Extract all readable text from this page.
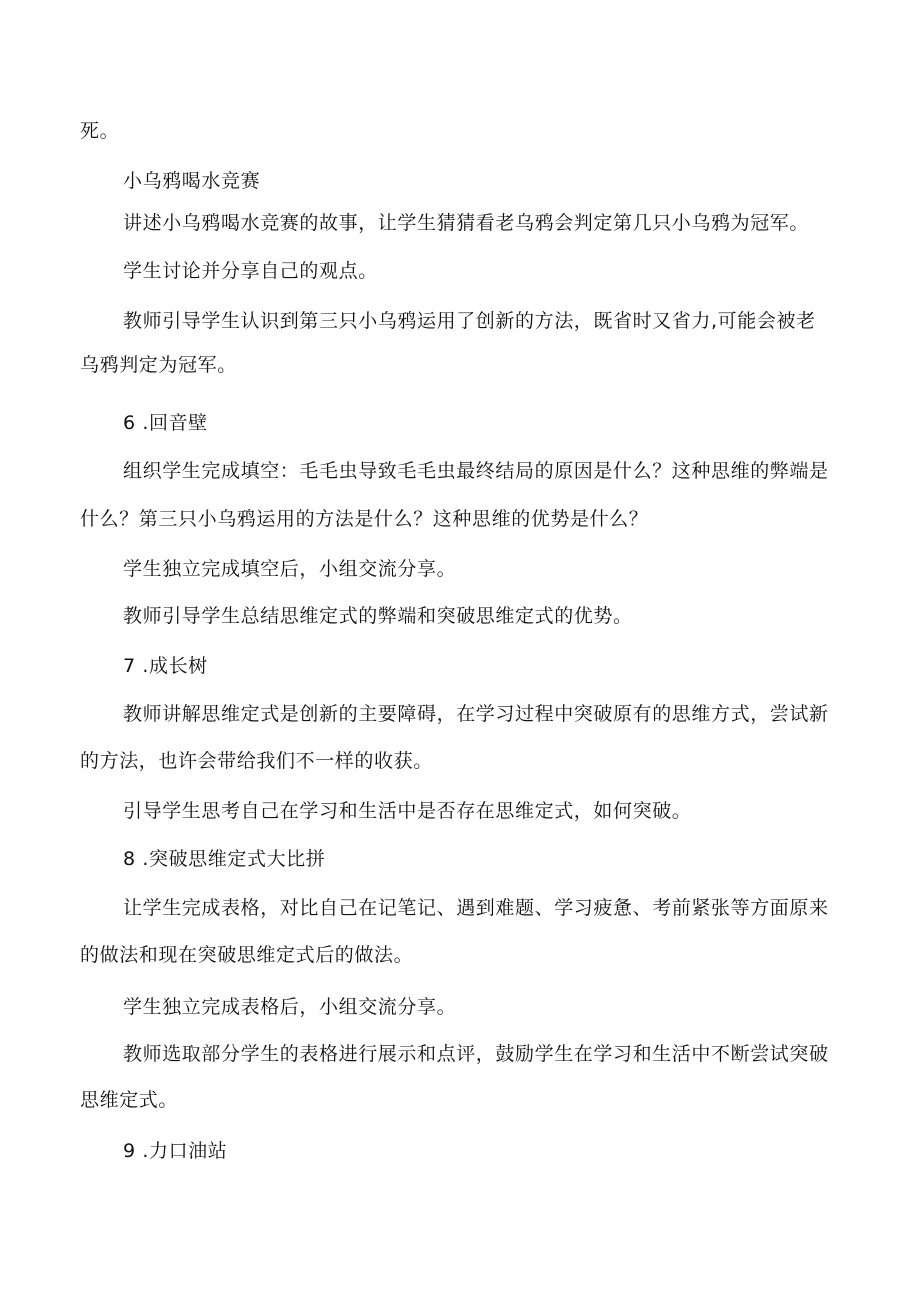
死。
小乌鸦喝水竞赛
讲述小乌鸦喝水竞赛的故事，让学生猜猜看老乌鸦会判定第几只小乌鸦为冠军。
学生讨论并分享自己的观点。
教师引导学生认识到第三只小乌鸦运用了创新的方法，既省时又省力,可能会被老
乌鸦判定为冠军。
6 .回音壁
组织学生完成填空：毛毛虫导致毛毛虫最终结局的原因是什么？这种思维的弊端是
什么？第三只小乌鸦运用的方法是什么？这种思维的优势是什么？
学生独立完成填空后，小组交流分享。
教师引导学生总结思维定式的弊端和突破思维定式的优势。
7 .成长树
教师讲解思维定式是创新的主要障碍，在学习过程中突破原有的思维方式，尝试新
的方法，也许会带给我们不一样的收获。
引导学生思考自己在学习和生活中是否存在思维定式，如何突破。
8 .突破思维定式大比拼
让学生完成表格，对比自己在记笔记、遇到难题、学习疲惫、考前紧张等方面原来
的做法和现在突破思维定式后的做法。
学生独立完成表格后，小组交流分享。
教师选取部分学生的表格进行展示和点评，鼓励学生在学习和生活中不断尝试突破
思维定式。
9 .力口油站
